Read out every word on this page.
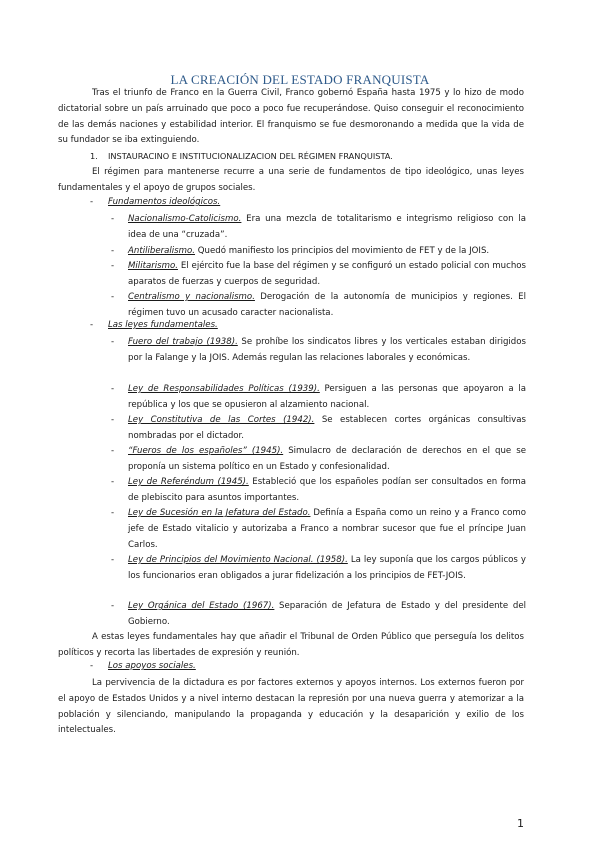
LA CREACIÓN DEL ESTADO FRANQUISTA
Tras el triunfo de Franco en la Guerra Civil, Franco gobernó España hasta 1975 y lo hizo de modo dictatorial sobre un país arruinado que poco a poco fue recuperándose. Quiso conseguir el reconocimiento de las demás naciones y estabilidad interior. El franquismo se fue desmoronando a medida que la vida de su fundador se iba extinguiendo.
1. INSTAURACINO E INSTITUCIONALIZACION DEL RÉGIMEN FRANQUISTA.
El régimen para mantenerse recurre a una serie de fundamentos de tipo ideológico, unas leyes fundamentales y el apoyo de grupos sociales.
- Fundamentos ideológicos.
- Nacionalismo-Catolicismo. Era una mezcla de totalitarismo e integrismo religioso con la idea de una “cruzada”.
- Antiliberalismo. Quedó manifiesto los principios del movimiento de FET y de la JOIS.
- Militarismo. El ejército fue la base del régimen y se configuró un estado policial con muchos aparatos de fuerzas y cuerpos de seguridad.
- Centralismo y nacionalismo. Derogación de la autonomía de municipios y regiones. El régimen tuvo un acusado caracter nacionalista.
- Las leyes fundamentales.
- Fuero del trabajo (1938). Se prohíbe los sindicatos libres y los verticales estaban dirigidos por la Falange y la JOIS. Además regulan las relaciones laborales y económicas.
- Ley de Responsabilidades Políticas (1939). Persiguen a las personas que apoyaron a la república y los que se opusieron al alzamiento nacional.
- Ley Constitutiva de las Cortes (1942). Se establecen cortes orgánicas consultivas nombradas por el dictador.
- “Fueros de los españoles” (1945). Simulacro de declaración de derechos en el que se proponía un sistema político en un Estado y confesionalidad.
- Ley de Referéndum (1945). Estableció que los españoles podían ser consultados en forma de plebiscito para asuntos importantes.
- Ley de Sucesión en la Jefatura del Estado. Definía a España como un reino y a Franco como jefe de Estado vitalicio y autorizaba a Franco a nombrar sucesor que fue el príncipe Juan Carlos.
- Ley de Principios del Movimiento Nacional. (1958). La ley suponía que los cargos públicos y los funcionarios eran obligados a jurar fidelización a los principios de FET-JOIS.
- Ley Orgánica del Estado (1967). Separación de Jefatura de Estado y del presidente del Gobierno.
A estas leyes fundamentales hay que añadir el Tribunal de Orden Público que perseguía los delitos políticos y recorta las libertades de expresión y reunión.
- Los apoyos sociales.
La pervivencia de la dictadura es por factores externos y apoyos internos. Los externos fueron por el apoyo de Estados Unidos y a nivel interno destacan la represión por una nueva guerra y atemorizar a la población y silenciando, manipulando la propaganda y educación y la desaparición y exilio de los intelectuales.
1
